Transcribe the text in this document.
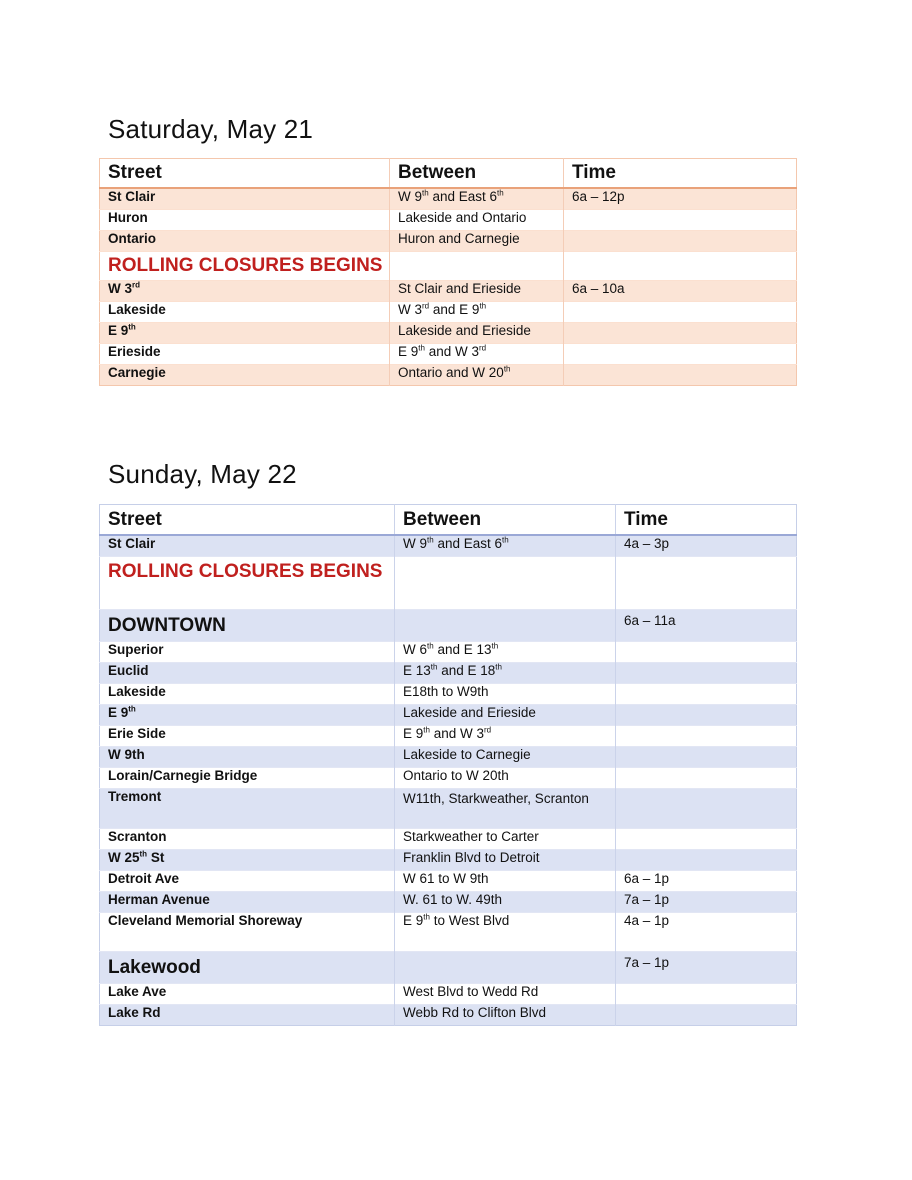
Saturday, May 21
Street	Between	Time
St Clair	W 9th and East 6th	6a – 12p
Huron	Lakeside and Ontario	
Ontario	Huron and Carnegie	
ROLLING CLOSURES BEGINS		
W 3rd	St Clair and Erieside	6a – 10a
Lakeside	W 3rd and E 9th	
E 9th	Lakeside and Erieside	
Erieside	E 9th and W 3rd	
Carnegie	Ontario and W 20th	
Sunday, May 22
Street	Between	Time
St Clair	W 9th and East 6th	4a – 3p
ROLLING CLOSURES BEGINS		
DOWNTOWN		6a – 11a
Superior	W 6th and E 13th	
Euclid	E 13th and E 18th	
Lakeside	E18th to W9th	
E 9th	Lakeside and Erieside	
Erie Side	E 9th and W 3rd	
W 9th	Lakeside to Carnegie	
Lorain/Carnegie Bridge	Ontario to W 20th	
Tremont	W11th, Starkweather, Scranton	
Scranton	Starkweather to Carter	
W 25th St	Franklin Blvd to Detroit	
Detroit Ave	W 61 to W 9th	6a – 1p
Herman Avenue	W. 61 to W. 49th	7a – 1p
Cleveland Memorial Shoreway	E 9th to West Blvd	4a – 1p
Lakewood		7a – 1p
Lake Ave	West Blvd to Wedd Rd	
Lake Rd	Webb Rd to Clifton Blvd	
